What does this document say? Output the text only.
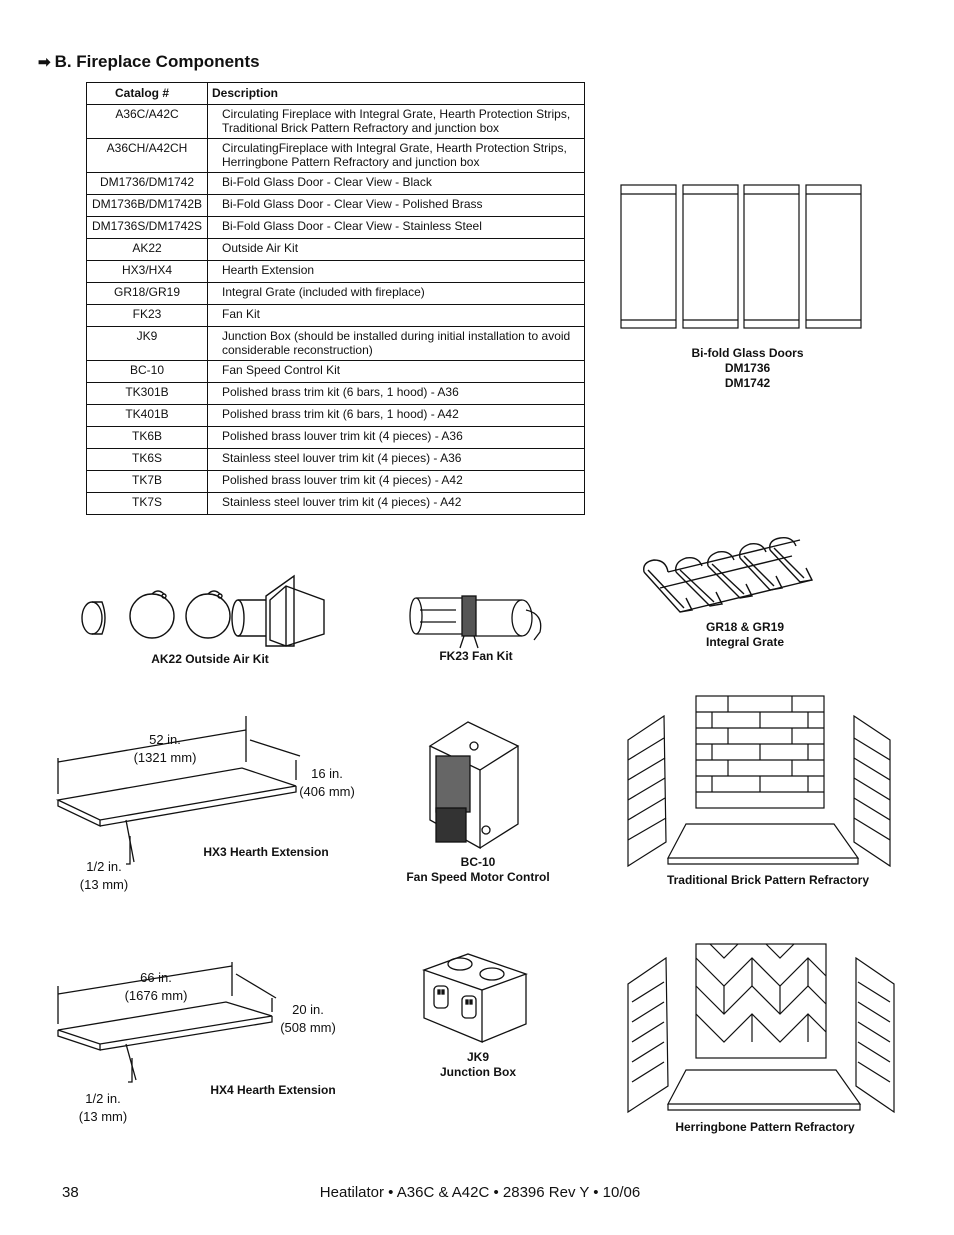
➡ B. Fireplace Components
Catalog #	Description
A36C/A42C	Circulating Fireplace with Integral Grate, Hearth Protection Strips, Traditional Brick Pattern Refractory and junction box
A36CH/A42CH	CirculatingFireplace with Integral Grate, Hearth Protection Strips, Herringbone Pattern Refractory and junction box
DM1736/DM1742	Bi-Fold Glass Door - Clear View - Black
DM1736B/DM1742B	Bi-Fold Glass Door - Clear View - Polished Brass
DM1736S/DM1742S	Bi-Fold Glass Door - Clear View - Stainless Steel
AK22	Outside Air Kit
HX3/HX4	Hearth Extension
GR18/GR19	Integral Grate (included with fireplace)
FK23	Fan Kit
JK9	Junction Box (should be installed during initial installation to avoid considerable reconstruction)
BC-10	Fan Speed Control Kit
TK301B	Polished brass trim kit (6 bars, 1 hood) - A36
TK401B	Polished brass trim kit (6 bars, 1 hood) - A42
TK6B	Polished brass louver trim kit (4 pieces) - A36
TK6S	Stainless steel louver trim kit (4 pieces) - A36
TK7B	Polished brass louver trim kit (4 pieces) - A42
TK7S	Stainless steel louver trim kit (4 pieces) - A42
Bi-fold Glass Doors
DM1736
DM1742
GR18 & GR19
Integral Grate
AK22 Outside Air Kit	FK23 Fan Kit
52 in.
(1321 mm)
16 in.
(406 mm)
1/2 in.
(13 mm)
HX3 Hearth Extension
BC-10
Fan Speed Motor Control	Traditional Brick Pattern Refractory
66 in.
(1676 mm)
20 in.
(508 mm)
1/2 in.
(13 mm)
HX4 Hearth Extension
JK9
Junction Box
Herringbone Pattern Refractory
38	Heatilator • A36C & A42C • 28396 Rev Y • 10/06
